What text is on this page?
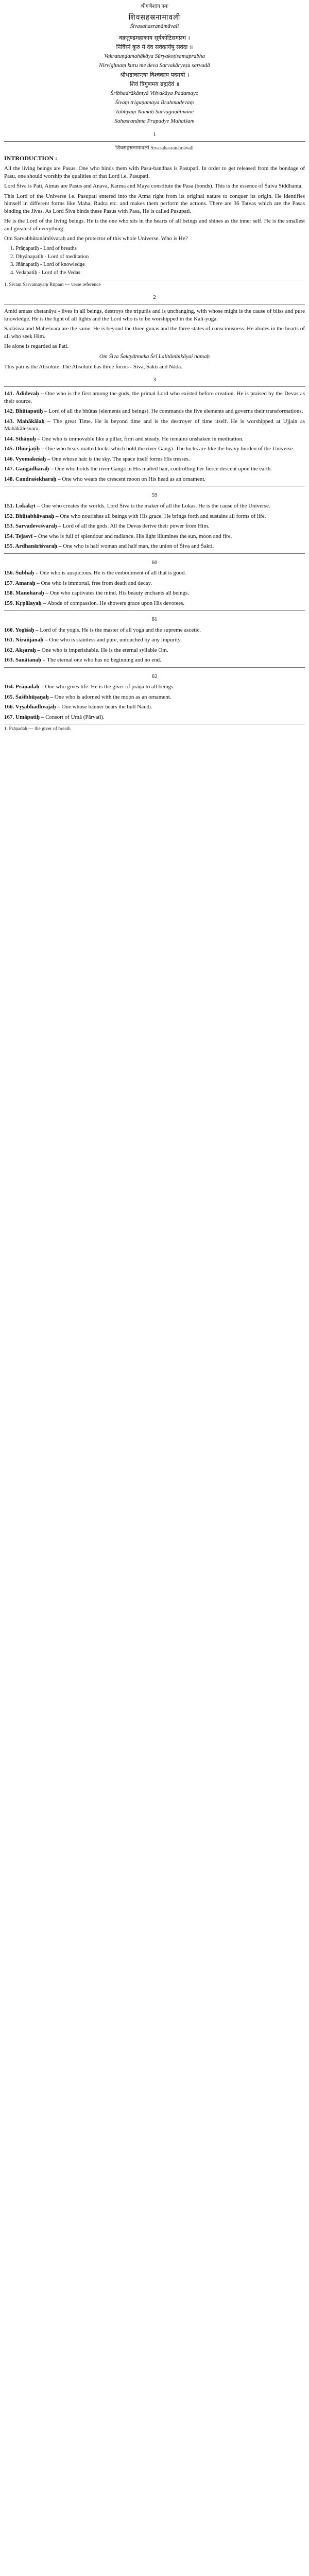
श्रीगणेशाय नमः
शिवसहस्रनामावली
Śivasahasranāmāvalī
वक्रतुण्डमहाकाय सूर्यकोटिसमप्रभ ।
निर्विघ्नं कुरु मे देव सर्वकार्येषु सर्वदा ॥
Vakratuṇḍamahākāya Sūryakoṭisamaprabha
Nirvighnaṃ kuru me deva Sarvakāryeṣu sarvadā
श्रीभद्राकान्त्या विश्वकाय पदमयो ।
शिवं त्रिगुणमय ब्रह्मदेवं ॥
Śrībhadrākāntyā Viśvakāya Padamayo
Śivaṃ triguṇamaya Brahmadevaṃ
Tubhyaṃ Namaḥ Sarvaguṇātmane
Sahasranāma Prapadye Mahaiśam
1
शिवसहस्रनामावली Śivasahasranāmāvalī
INTRODUCTION :

All the living beings are Pasus. One who binds them with Pasu-bandhas is Pasupati. In order to get released from the bondage of Pasu, one should worship the qualities of that Lord i.e. Pasupati.

Lord Śiva is Pati, Atmas are Pasus and Anava, Karma and Maya constitute the Pasa (bonds). This is the essence of Śaiva Siddhanta.

This Lord of the Universe i.e. Pasupati entered into the Atma right from its original nature to conquer its origin. He identifies himself in different forms like Maha, Rudra etc. and makes them perform the actions. There are 36 Tatvas which are the Pasas binding the Jivas. As Lord Śiva binds these Pasus with Pasa, He is called Pasupati.

He is the Lord of the living beings. He is the one who sits in the hearts of all beings and shines as the inner self. He is the smallest and greatest of everything.

Om Sarvabhūtanāmīśvaraḥ and the protector of this whole Universe. Who is He?

1. Prāṇapatiḥ - Lord of breaths
2. Dhyānapatiḥ - Lord of meditation
3. Jñānapatiḥ - Lord of knowledge
4. Vedapatiḥ - Lord of the Vedas
1. Śivaṃ Sarvamayaṃ Rūpam — verse reference
2

Amid amass chetanāya - lives in all beings, destroys the tripurās and is unchanging, with whose might is the cause of bliss and pure knowledge. He is the light of all lights and the Lord who is to be worshipped in the Kali-yuga.

Sadāśiva and Maheśvara are the same. He is beyond the three gunas and the three states of consciousness. He abides in the hearts of all who seek Him.

He alone is regarded as Pati.

Om Śiva Śaktyātmaka Śrī Lalitāmbikāyai namaḥ

This pati is the Absolute. The Absolute has three forms - Śiva, Śakti and Nāda.

3

141. Ādidevaḥ – One who is the first among the gods, the primal Lord who existed before creation. He is praised by the Devas as their source.

142. Bhūtapatiḥ – Lord of all the bhūtas (elements and beings). He commands the five elements and governs their transformations.

143. Mahākālaḥ – The great Time. He is beyond time and is the destroyer of time itself. He is worshipped at Ujjain as Mahākāleśvara.

144. Sthāṇuḥ – One who is immovable like a pillar, firm and steady. He remains unshaken in meditation.

145. Dhūrjaṭiḥ – One who bears matted locks which hold the river Gaṅgā. The locks are like the heavy burden of the Universe.

146. Vyomakeśaḥ – One whose hair is the sky. The space itself forms His tresses.

147. Gaṅgādharaḥ – One who holds the river Gaṅgā in His matted hair, controlling her fierce descent upon the earth.

148. Candraśekharaḥ – One who wears the crescent moon on His head as an ornament.

59

151. Lokakṛt – One who creates the worlds. Lord Śiva is the maker of all the Lokas. He is the cause of the Universe.

152. Bhūtabhāvanaḥ – One who nourishes all beings with His grace. He brings forth and sustains all forms of life.

153. Sarvadeveśvaraḥ – Lord of all the gods. All the Devas derive their power from Him.

154. Tejasvī – One who is full of splendour and radiance. His light illumines the sun, moon and fire.

155. Ardhanārīśvaraḥ – One who is half woman and half man, the union of Śiva and Śakti.

60

156. Śubhaḥ – One who is auspicious. He is the embodiment of all that is good.

157. Amaraḥ – One who is immortal, free from death and decay.

158. Manoharaḥ – One who captivates the mind. His beauty enchants all beings.

159. Kṛpālayaḥ – Abode of compassion. He showers grace upon His devotees.

61

160. Yogīśaḥ – Lord of the yogis. He is the master of all yoga and the supreme ascetic.

161. Nirañjanaḥ – One who is stainless and pure, untouched by any impurity.

162. Akṣaraḥ – One who is imperishable. He is the eternal syllable Om.

163. Sanātanaḥ – The eternal one who has no beginning and no end.

62

164. Prāṇadaḥ – One who gives life. He is the giver of prāṇa to all beings.

165. Śaśibhūṣaṇaḥ – One who is adorned with the moon as an ornament.

166. Vṛṣabhadhvajaḥ – One whose banner bears the bull Nandi.

167. Umāpatiḥ – Consort of Umā (Pārvatī).

1. Prāṇadaḥ — the giver of breath
